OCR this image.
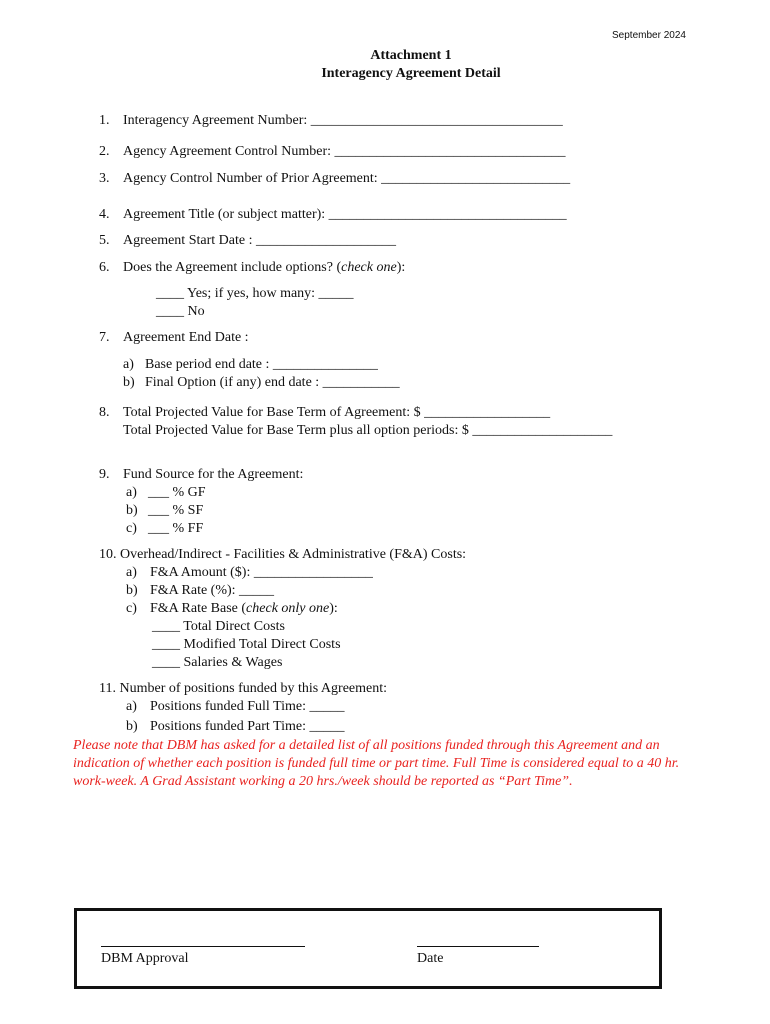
September 2024
Attachment 1
Interagency Agreement Detail
1. Interagency Agreement Number: ____________________________________
2. Agency Agreement Control Number: _________________________________
3. Agency Control Number of Prior Agreement: ___________________________
4. Agreement Title (or subject matter): __________________________________
5. Agreement Start Date : ____________________
6. Does the Agreement include options? (check one):
____ Yes; if yes, how many: _____
____ No
7. Agreement End Date :
a) Base period end date : _______________
b) Final Option (if any) end date : ___________
8. Total Projected Value for Base Term of Agreement: $ __________________
Total Projected Value for Base Term plus all option periods: $ ____________________
9. Fund Source for the Agreement:
a) ___ % GF
b) ___ % SF
c) ___ % FF
10. Overhead/Indirect - Facilities & Administrative (F&A) Costs:
a) F&A Amount ($): _________________
b) F&A Rate (%): _____
c) F&A Rate Base (check only one):
____ Total Direct Costs
____ Modified Total Direct Costs
____ Salaries & Wages
11. Number of positions funded by this Agreement:
a) Positions funded Full Time: _____
b) Positions funded Part Time: _____
Please note that DBM has asked for a detailed list of all positions funded through this Agreement and an indication of whether each position is funded full time or part time. Full Time is considered equal to a 40 hr. work-week. A Grad Assistant working a 20 hrs./week should be reported as “Part Time”.
DBM Approval	Date
